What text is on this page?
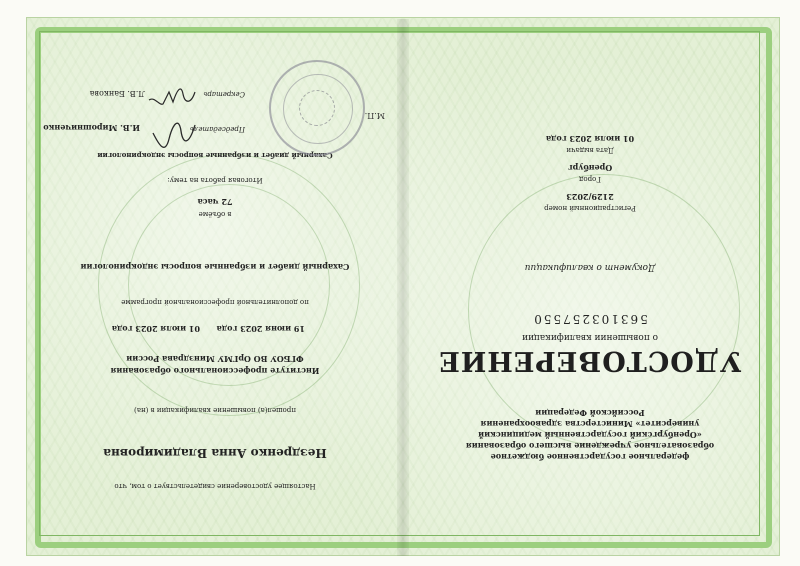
федеральное государственное бюджетное
образовательное учреждение высшего образования
«Оренбургский государственный медицинский
университет» Министерства здравоохранения
Российской Федерации
УДОСТОВЕРЕНИЕ
о повышении квалификации
563103257550
Документ о квалификации
Регистрационный номер
2129/2023
Город
Оренбург
Дата выдачи
01 июля 2023 года
Настоящее удостоверение свидетельствует о том, что
Нездренко Анна Владимировна
прошел(а) повышение квалификации в (на)
Институте профессионального образования
ФГБОУ ВО ОрГМУ Минздрава России
19 июня 2023 года
01 июля 2023 года
по дополнительной профессиональной программе
Сахарный диабет и избранные вопросы эндокринологии
в объёме
72 часа
Итоговая работа на тему:
Сахарный диабет и избранные вопросы эндокринологии
М.П.
Председатель
И.В. Мирошниченко
Секретарь
Л.В. Банкова
